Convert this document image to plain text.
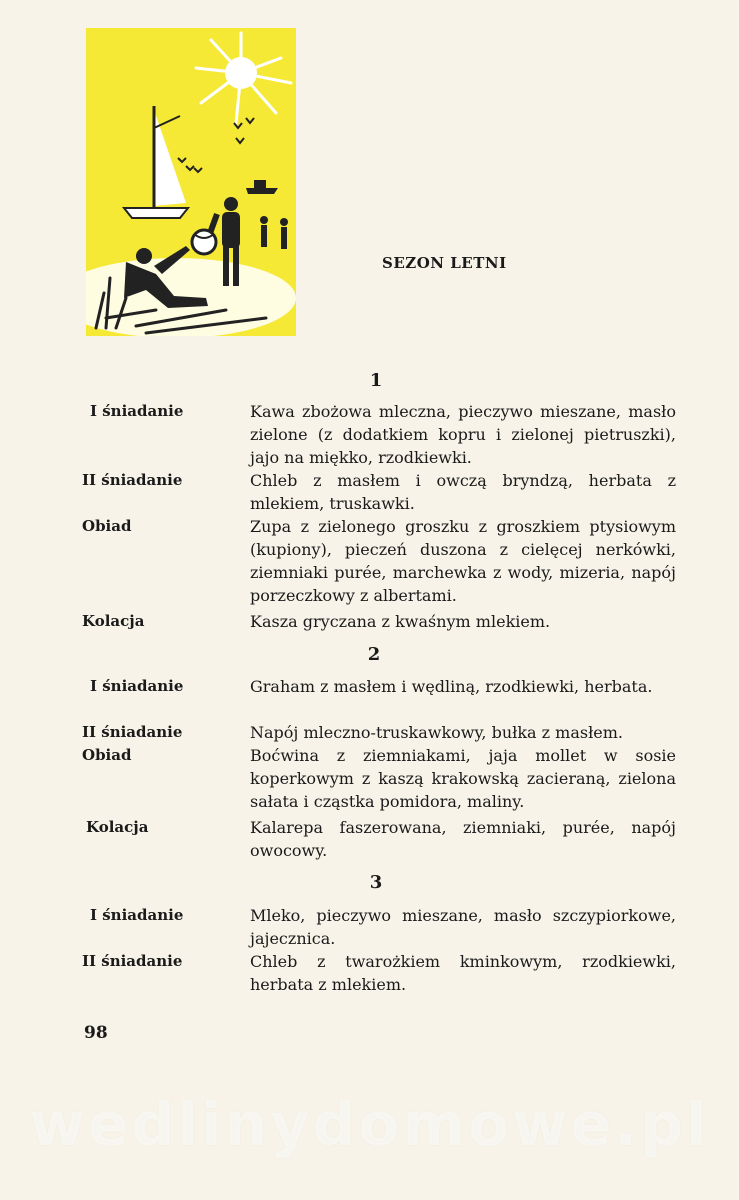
SEZON LETNI
1
I śniadanie	Kawa zbożowa mleczna, pieczywo mieszane, masło zielone (z dodatkiem kopru i zielonej pietruszki), jajo na miękko, rzodkiewki.
II śniadanie	Chleb z masłem i owczą bryndzą, herbata z mlekiem, truskawki.
Obiad	Zupa z zielonego groszku z groszkiem ptysiowym (kupiony), pieczeń duszona z cielęcej nerkówki, ziemniaki purée, marchewka z wody, mizeria, napój porzeczkowy z albertami.
Kolacja	Kasza gryczana z kwaśnym mlekiem.
2
I śniadanie	Graham z masłem i wędliną, rzodkiewki, herbata.
II śniadanie	Napój mleczno-truskawkowy, bułka z masłem.
Obiad	Boćwina z ziemniakami, jaja mollet w sosie koperkowym z kaszą krakowską zacieraną, zielona sałata i cząstka pomidora, maliny.
Kolacja	Kalarepa faszerowana, ziemniaki, purée, napój owocowy.
3
I śniadanie	Mleko, pieczywo mieszane, masło szczypiorkowe, jajecznica.
II śniadanie	Chleb z twarożkiem kminkowym, rzodkiewki, herbata z mlekiem.
98
wedlinydomowe.pl
